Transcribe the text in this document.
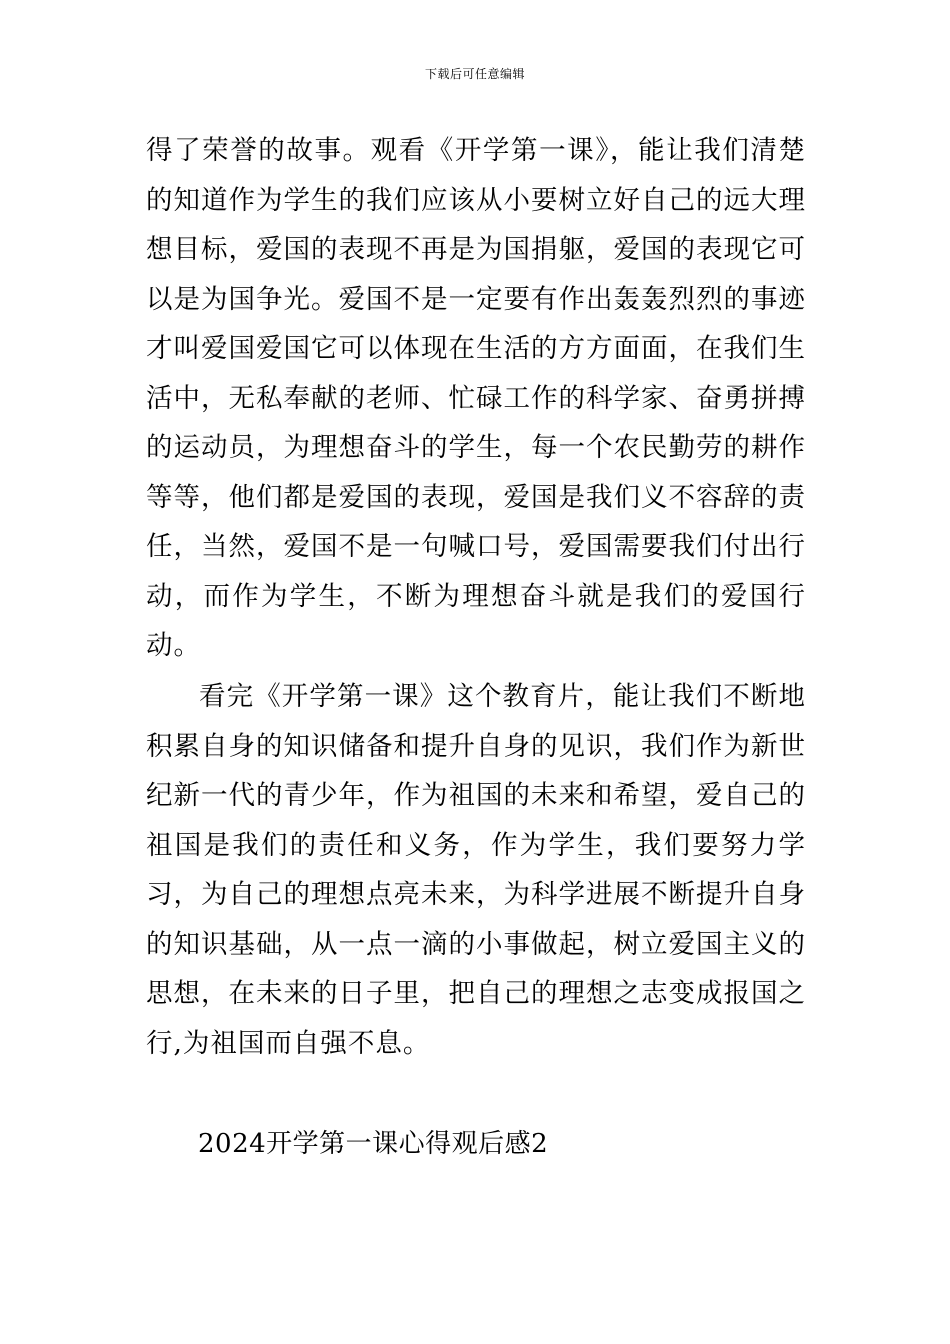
下载后可任意编辑

得了荣誉的故事。观看《开学第一课》，能让我们清楚的知道作为学生的我们应该从小要树立好自己的远大理想目标，爱国的表现不再是为国捐躯，爱国的表现它可以是为国争光。爱国不是一定要有作出轰轰烈烈的事迹才叫爱国爱国它可以体现在生活的方方面面，在我们生活中，无私奉献的老师、忙碌工作的科学家、奋勇拼搏的运动员，为理想奋斗的学生，每一个农民勤劳的耕作等等，他们都是爱国的表现，爱国是我们义不容辞的责任，当然，爱国不是一句喊口号，爱国需要我们付出行动，而作为学生，不断为理想奋斗就是我们的爱国行动。

看完《开学第一课》这个教育片，能让我们不断地积累自身的知识储备和提升自身的见识，我们作为新世纪新一代的青少年，作为祖国的未来和希望，爱自己的祖国是我们的责任和义务，作为学生，我们要努力学习，为自己的理想点亮未来，为科学进展不断提升自身的知识基础，从一点一滴的小事做起，树立爱国主义的思想，在未来的日子里，把自己的理想之志变成报国之行,为祖国而自强不息。

2024开学第一课心得观后感2
